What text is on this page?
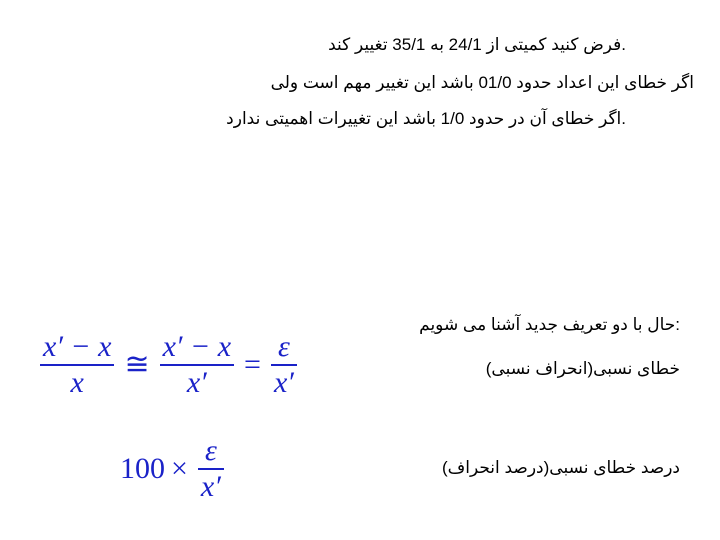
.فرض کنید کمیتی از 24/1 به 35/1 تغییر کند
اگر خطای این اعداد حدود 01/0 باشد این تغییر مهم است ولی
.اگر خطای آن در حدود 1/0 باشد این تغییرات اهمیتی ندارد
:حال با دو تعریف جدید آشنا می شویم
خطای نسبی(انحراف نسبی)
درصد خطای نسبی(درصد انحراف)
$\frac{x' - x}{x}$ ≅ $\frac{x' - x}{x'} = \frac{\varepsilon}{x'}$
$100 \times \frac{\varepsilon}{x'}$
